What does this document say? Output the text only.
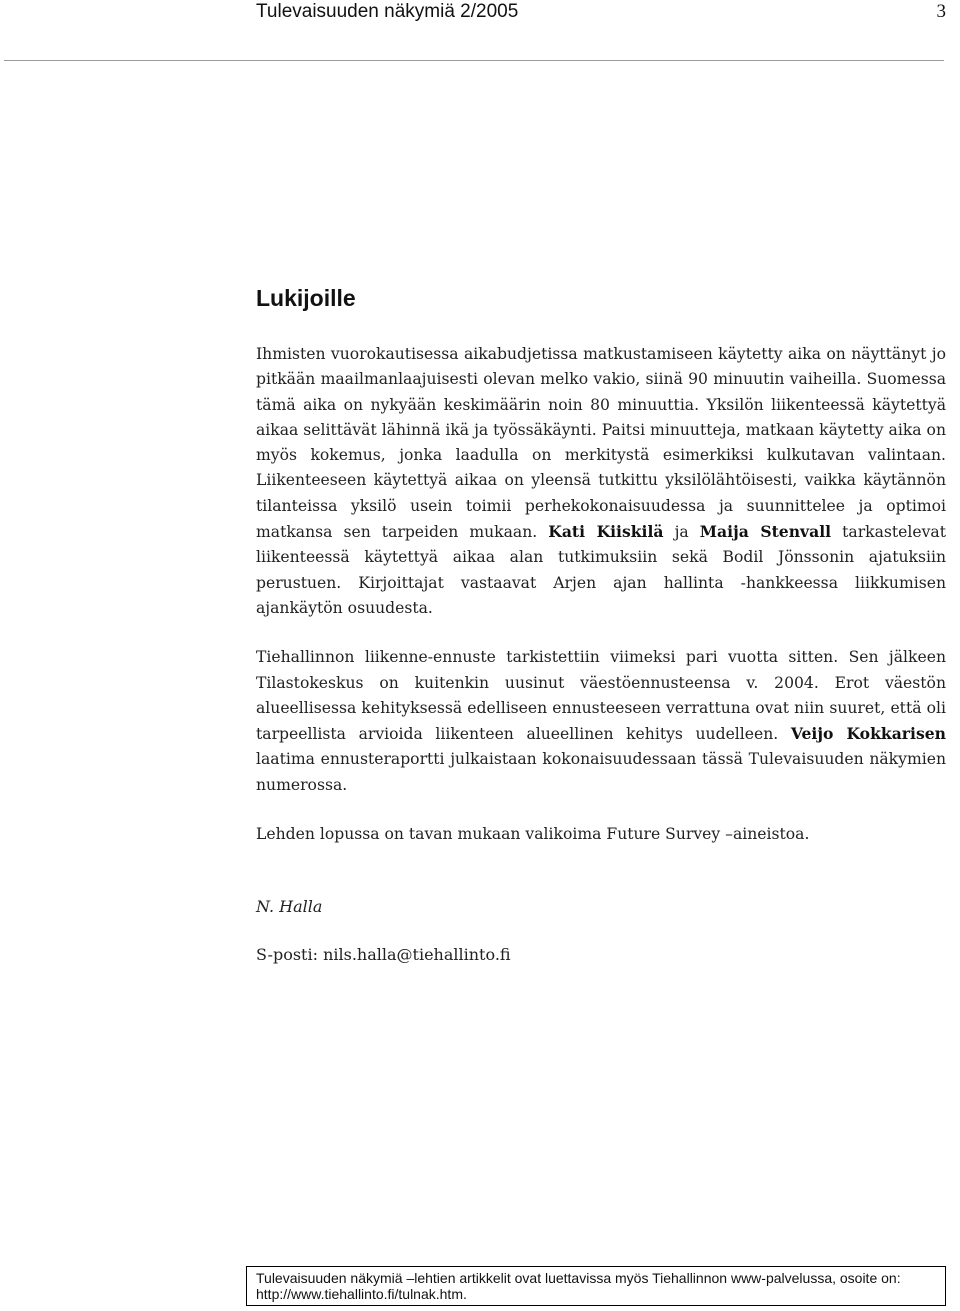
Tulevaisuuden näkymiä 2/2005	3
Lukijoille

Ihmisten vuorokautisessa aikabudjetissa matkustamiseen käytetty aika on näyttänyt jo pitkään maailmanlaajuisesti olevan melko vakio, siinä 90 minuutin vaiheilla. Suomessa tämä aika on nykyään keskimäärin noin 80 minuuttia. Yksilön liikenteessä käytettyä aikaa selittävät lähinnä ikä ja työssäkäynti. Paitsi minuutteja, matkaan käytetty aika on myös kokemus, jonka laadulla on merkitystä esimerkiksi kulkutavan valintaan. Liikenteeseen käytettyä aikaa on yleensä tutkittu yksilölähtöisesti, vaikka käytännön tilanteissa yksilö usein toimii perhekokonaisuudessa ja suunnittelee ja optimoi matkansa sen tarpeiden mukaan. Kati Kiiskilä ja Maija Stenvall tarkastelevat liikenteessä käytettyä aikaa alan tutkimuksiin sekä Bodil Jönssonin ajatuksiin perustuen. Kirjoittajat vastaavat Arjen ajan hallinta -hankkeessa liikkumisen ajankäytön osuudesta.

Tiehallinnon liikenne-ennuste tarkistettiin viimeksi pari vuotta sitten. Sen jälkeen Tilastokeskus on kuitenkin uusinut väestöennusteensa v. 2004. Erot väestön alueellisessa kehityksessä edelliseen ennusteeseen verrattuna ovat niin suuret, että oli tarpeellista arvioida liikenteen alueellinen kehitys uudelleen. Veijo Kokkarisen laatima ennusteraportti julkaistaan kokonaisuudessaan tässä Tulevaisuuden näkymien numerossa.

Lehden lopussa on tavan mukaan valikoima Future Survey –aineistoa.

N. Halla
S-posti: nils.halla@tiehallinto.fi
Tulevaisuuden näkymiä –lehtien artikkelit ovat luettavissa myös Tiehallinnon www-palvelussa, osoite on: http://www.tiehallinto.fi/tulnak.htm.
